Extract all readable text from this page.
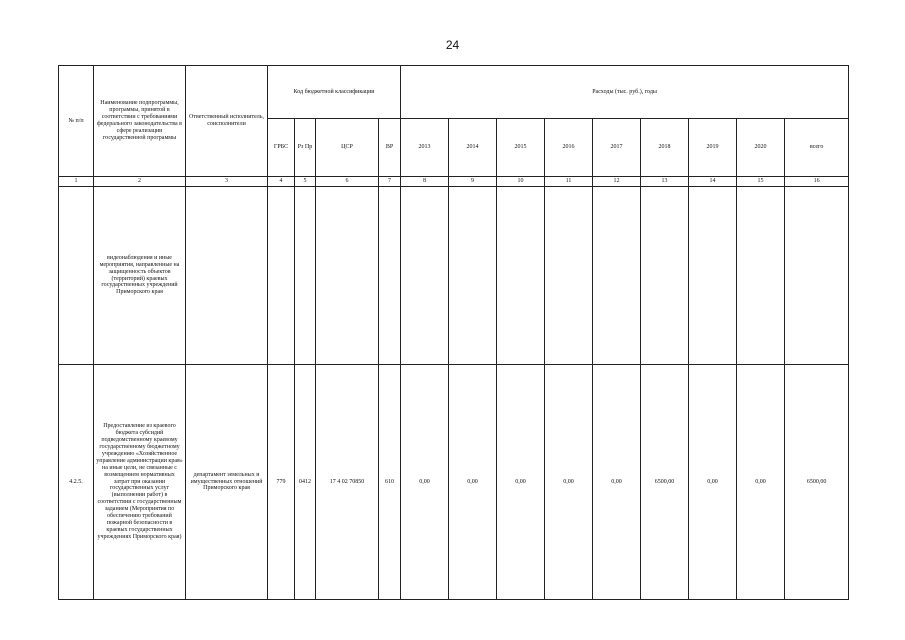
24
№ п/п	Наименование подпрограммы, программы, принятой в соответствии с требованиями федерального законодательства в сфере реализации государственной программы	Ответственный исполнитель, соисполнители	Код бюджетной классификации				Расходы (тыс. руб.), годы								
			ГРБС	Рз Пр	ЦСР	ВР	2013	2014	2015	2016	2017	2018	2019	2020	всего
1	2	3	4	5	6	7	8	9	10	11	12	13	14	15	16
	видеонаблюдения и иные мероприятия, направленные на защищенность объектов (территорий) краевых государственных учреждений Приморского края														
4.2.5.	Предоставление из краевого бюджета субсидий подведомственному краевому государственному бюджетному учреждению «Хозяйственное управление администрации края» на иные цели, не связанные с возмещением нормативных затрат при оказании государственных услуг (выполнении работ) в соответствии с государственным заданием (Мероприятия по обеспечению требований пожарной безопасности в краевых государственных учреждениях Приморского края)	департамент земельных и имущественных отношений Приморского края	779	0412	17 4 02 70850	610	0,00	0,00	0,00	0,00	0,00	6500,00	0,00	0,00	6500,00
